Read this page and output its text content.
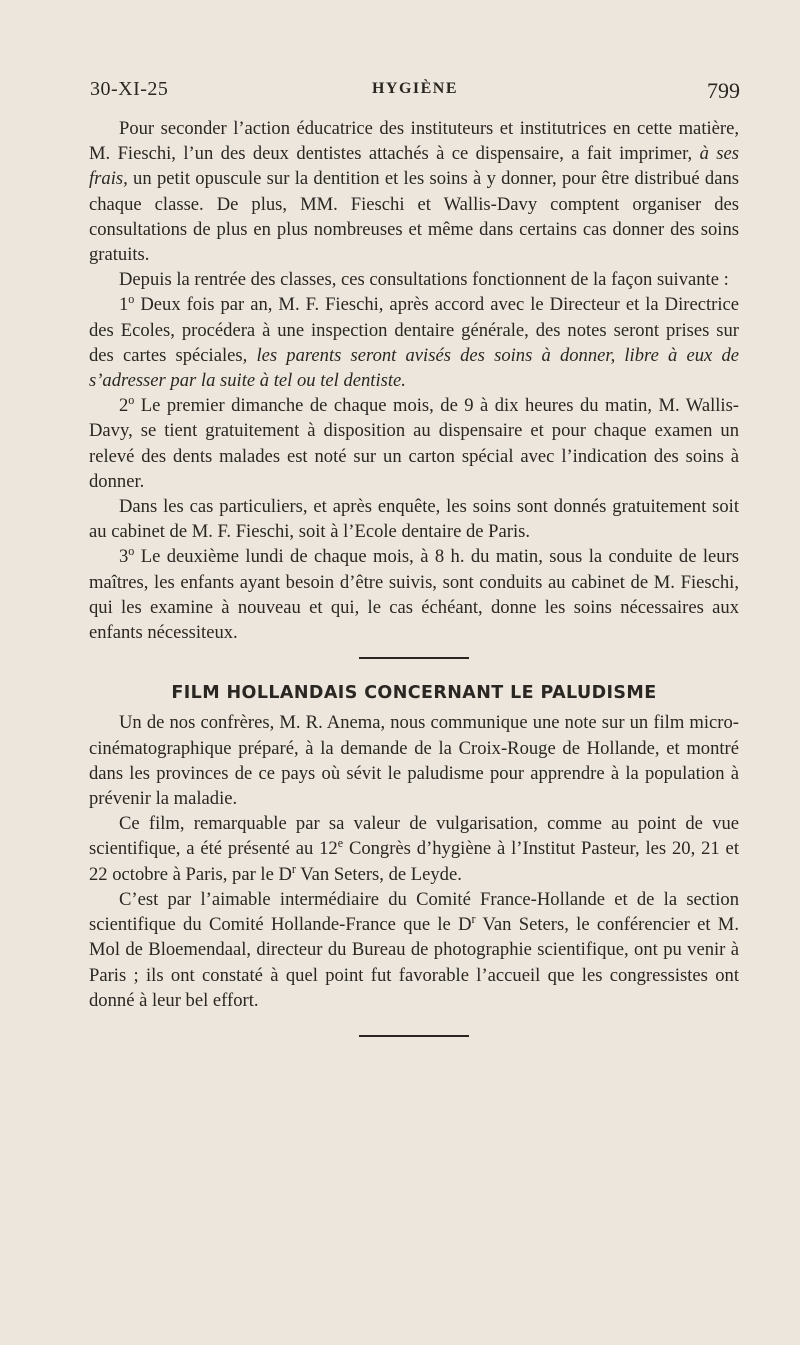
30-XI-25	HYGIÈNE	799

Pour seconder l’action éducatrice des instituteurs et institutrices en cette matière, M. Fieschi, l’un des deux dentistes attachés à ce dispensaire, a fait imprimer, à ses frais, un petit opuscule sur la dentition et les soins à y donner, pour être distribué dans chaque classe. De plus, MM. Fieschi et Wallis-Davy comptent organiser des consultations de plus en plus nombreuses et même dans certains cas donner des soins gratuits.

Depuis la rentrée des classes, ces consultations fonctionnent de la façon suivante :

1$^o$ Deux fois par an, M. F. Fieschi, après accord avec le Directeur et la Directrice des Ecoles, procédera à une inspection dentaire générale, des notes seront prises sur des cartes spéciales, les parents seront avisés des soins à donner, libre à eux de s’adresser par la suite à tel ou tel dentiste.

2$^o$ Le premier dimanche de chaque mois, de 9 à dix heures du matin, M. Wallis-Davy, se tient gratuitement à disposition au dispensaire et pour chaque examen un relevé des dents malades est noté sur un carton spécial avec l’indication des soins à donner.

Dans les cas particuliers, et après enquête, les soins sont donnés gratuitement soit au cabinet de M. F. Fieschi, soit à l’Ecole dentaire de Paris.

3$^o$ Le deuxième lundi de chaque mois, à 8 h. du matin, sous la conduite de leurs maîtres, les enfants ayant besoin d’être suivis, sont conduits au cabinet de M. Fieschi, qui les examine à nouveau et qui, le cas échéant, donne les soins nécessaires aux enfants nécessiteux.

FILM HOLLANDAIS CONCERNANT LE PALUDISME

Un de nos confrères, M. R. Anema, nous communique une note sur un film micro-cinématographique préparé, à la demande de la Croix-Rouge de Hollande, et montré dans les provinces de ce pays où sévit le paludisme pour apprendre à la population à prévenir la maladie.

Ce film, remarquable par sa valeur de vulgarisation, comme au point de vue scientifique, a été présenté au 12e Congrès d’hygiène à l’Institut Pasteur, les 20, 21 et 22 octobre à Paris, par le $D^r$ Van Seters, de Leyde.

C’est par l’aimable intermédiaire du Comité France-Hollande et de la section scientifique du Comité Hollande-France que le $D^r$ Van Seters, le conférencier et M. Mol de Bloemendaal, directeur du Bureau de photographie scientifique, ont pu venir à Paris ; ils ont constaté à quel point fut favorable l’accueil que les congressistes ont donné à leur bel effort.
